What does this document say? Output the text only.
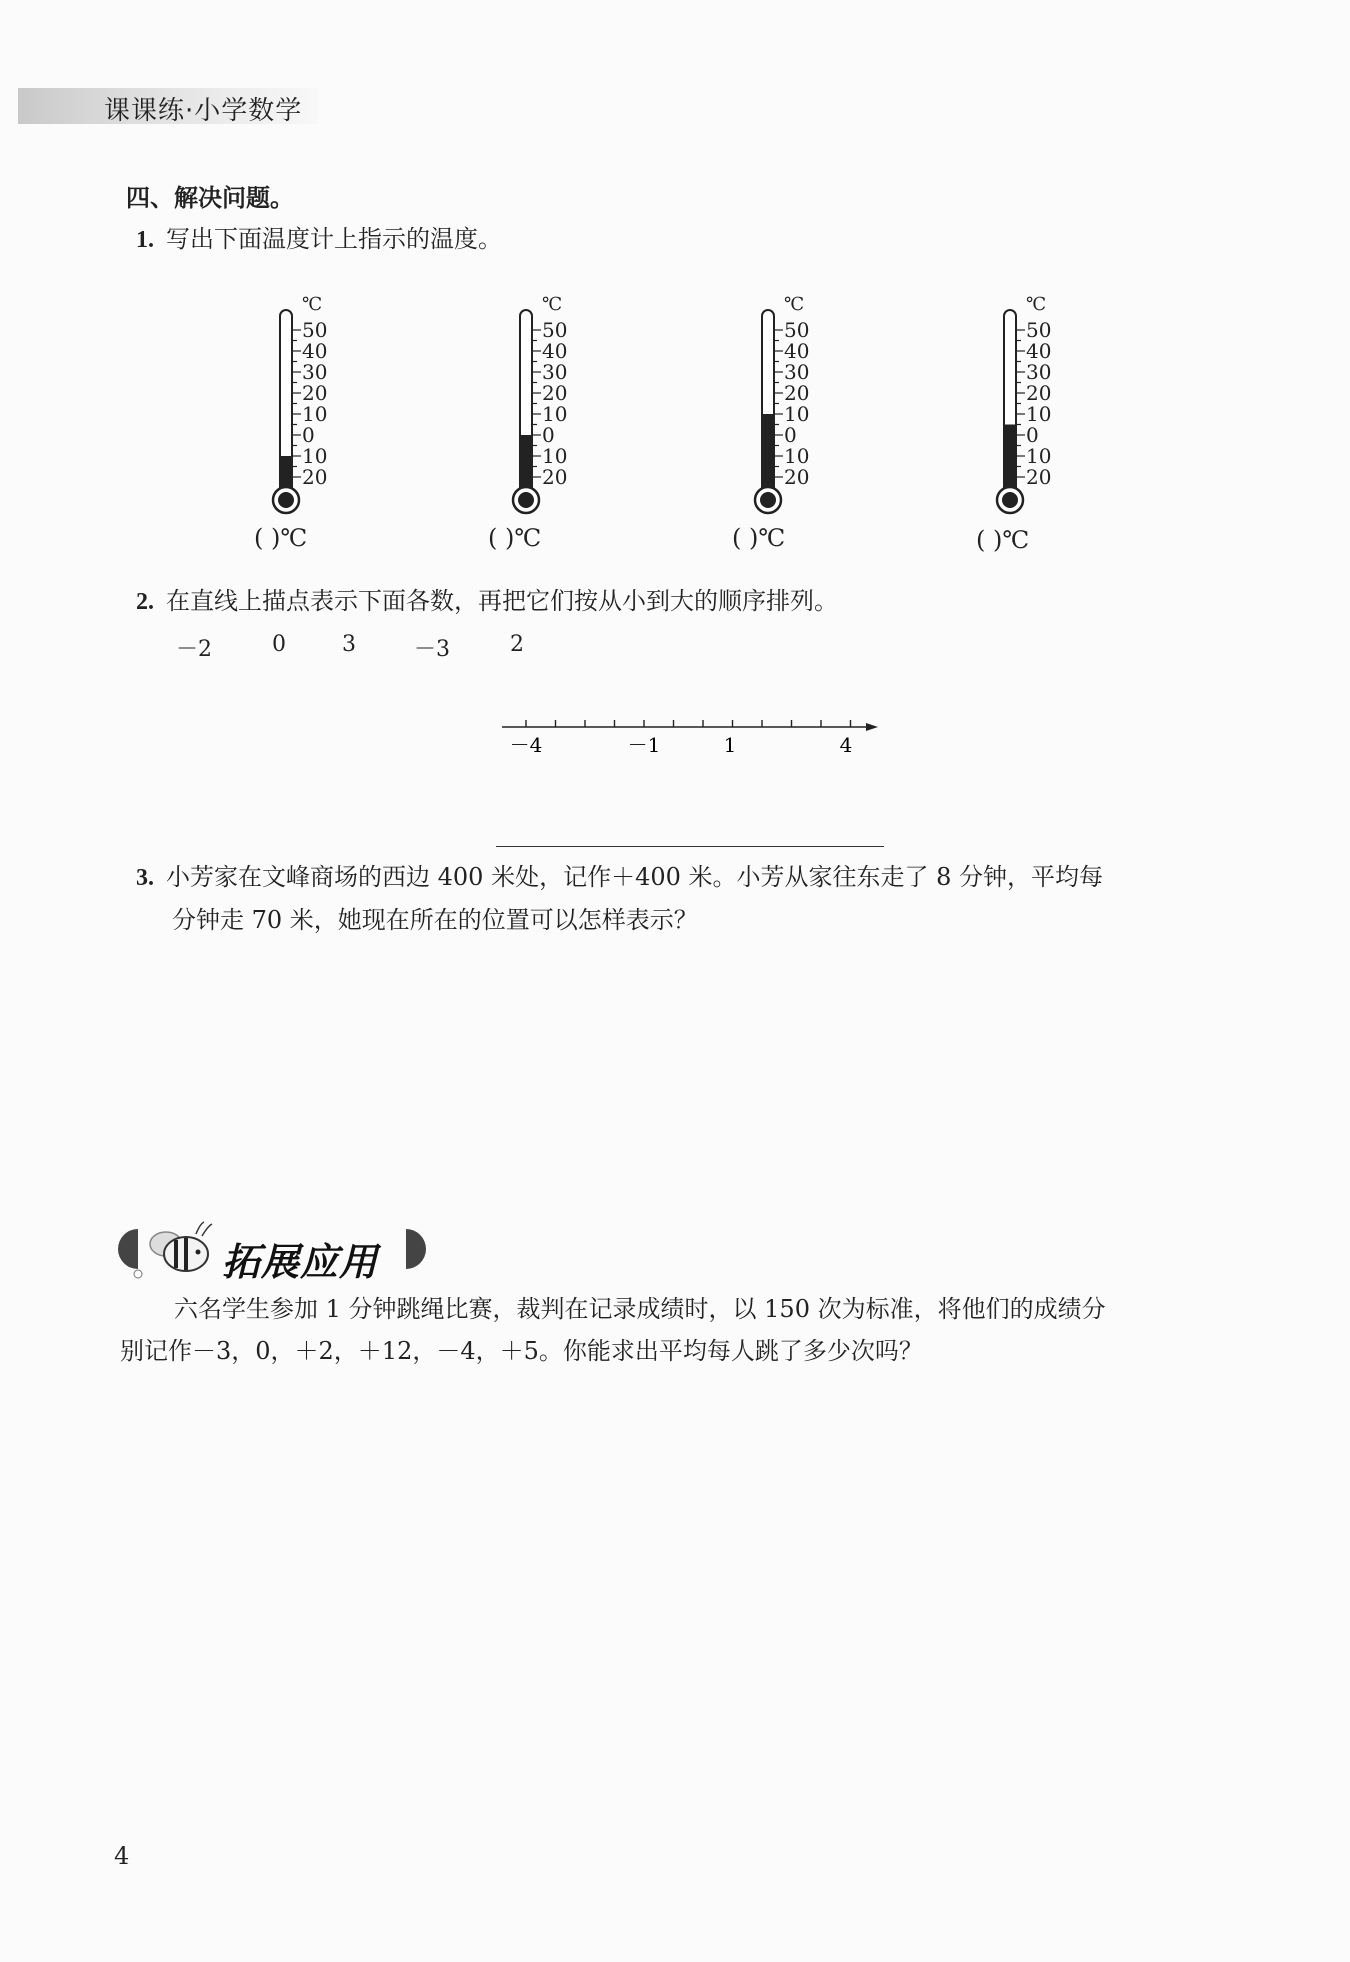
课课练·小学数学
四、解决问题。
1. 写出下面温度计上指示的温度。
50
40
30
20
10
0
10
20
℃
50
40
30
20
10
0
10
20
℃
50
40
30
20
10
0
10
20
℃
50
40
30
20
10
0
10
20
℃
( )℃	( )℃	( )℃	( )℃
2. 在直线上描点表示下面各数，再把它们按从小到大的顺序排列。
－2	0	3	－3	2
－4	－1	1	4
3. 小芳家在文峰商场的西边 400 米处，记作＋400 米。小芳从家往东走了 8 分钟，平均每
分钟走 70 米，她现在所在的位置可以怎样表示？
拓展应用
六名学生参加 1 分钟跳绳比赛，裁判在记录成绩时，以 150 次为标准，将他们的成绩分
别记作－3，0，＋2，＋12，－4，＋5。你能求出平均每人跳了多少次吗？
4
